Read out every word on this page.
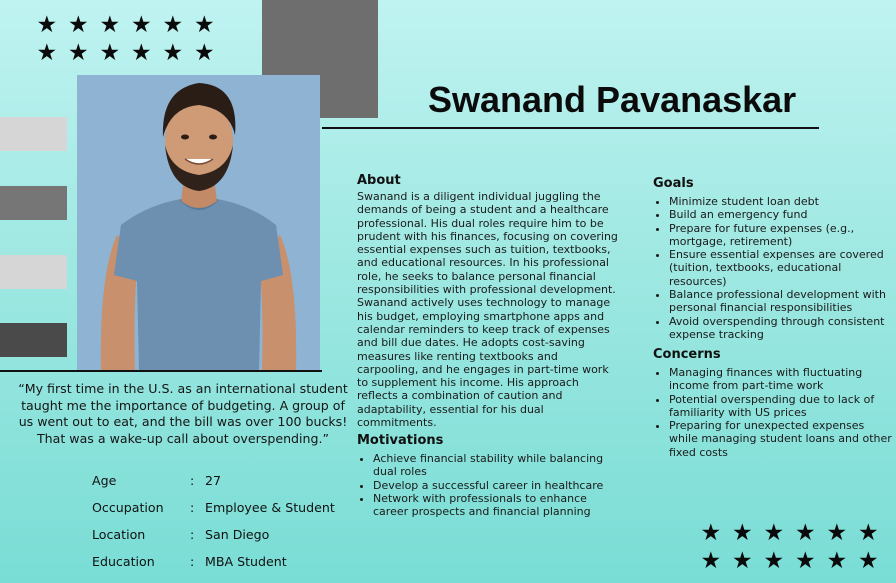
★ ★ ★ ★ ★ ★
★ ★ ★ ★ ★ ★
★ ★ ★ ★ ★ ★
★ ★ ★ ★ ★ ★
Swanand Pavanaskar
“My first time in the U.S. as an international student taught me the importance of budgeting. A group of us went out to eat, and the bill was over 100 bucks! That was a wake-up call about overspending.”
Age	: 27
Occupation : Employee & Student
Location	: San Diego
Education	: MBA Student
About
Swanand is a diligent individual juggling the demands of being a student and a healthcare professional. His dual roles require him to be prudent with his finances, focusing on covering essential expenses such as tuition, textbooks, and educational resources. In his professional role, he seeks to balance personal financial responsibilities with professional development. Swanand actively uses technology to manage his budget, employing smartphone apps and calendar reminders to keep track of expenses and bill due dates. He adopts cost-saving measures like renting textbooks and carpooling, and he engages in part-time work to supplement his income. His approach reflects a combination of caution and adaptability, essential for his dual commitments.
Motivations
• Achieve financial stability while balancing dual roles
• Develop a successful career in healthcare
• Network with professionals to enhance career prospects and financial planning
Goals
• Minimize student loan debt
• Build an emergency fund
• Prepare for future expenses (e.g., mortgage, retirement)
• Ensure essential expenses are covered (tuition, textbooks, educational resources)
• Balance professional development with personal financial responsibilities
• Avoid overspending through consistent expense tracking
Concerns
• Managing finances with fluctuating income from part-time work
• Potential overspending due to lack of familiarity with US prices
• Preparing for unexpected expenses while managing student loans and other fixed costs
